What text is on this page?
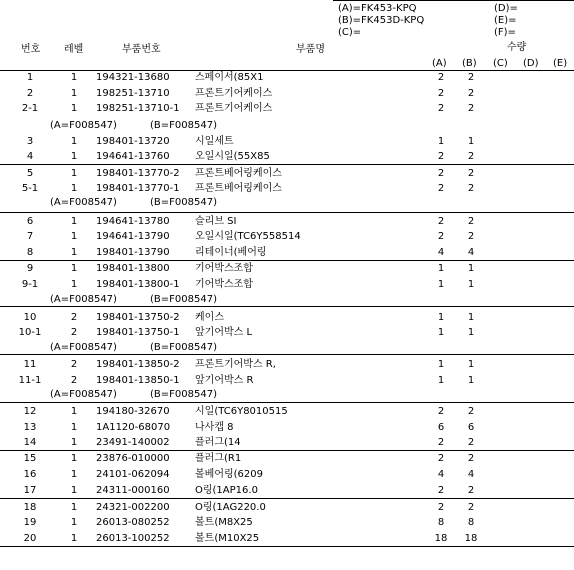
(A)=FK453-KPQ
(B)=FK453D-KPQ
(C)=
(D)=
(E)=
(F)=
번호 레벨	부품번호	부품명	수량
(A) (B) (C) (D) (E)
1	1	194321-13680	스페이서(85X1	2	2
2	1	198251-13710	프론트기어케이스	2	2
2-1	1	198251-13710-1 프론트기어케이스	2	2
(A=F008547)	(B=F008547)
3	1	198401-13720	시일세트	1	1
4	1	194641-13760	오일시일(55X85	2	2
5	1	198401-13770-2 프론트베어링케이스	2	2
5-1	1	198401-13770-1 프론트베어링케이스	2	2
(A=F008547)	(B=F008547)
6	1	194641-13780	슬리브 SI	2	2
7	1	194641-13790	오일시일(TC6Y558514	2	2
8	1	198401-13790	리테이너(베어링	4	4
9	1	198401-13800	기어박스조합	1	1
9-1	1	198401-13800-1 기어박스조합	1	1
(A=F008547)	(B=F008547)
10	2	198401-13750-2 케이스	1	1
10-1	2	198401-13750-1 앞기어박스 L	1	1
(A=F008547)	(B=F008547)
11	2	198401-13850-2 프론트기어박스 R,	1	1
11-1	2	198401-13850-1 앞기어박스 R	1	1
(A=F008547)	(B=F008547)
12	1	194180-32670	시일(TC6Y8010515	2	2
13	1	1A1120-68070 나사캡 8	6	6
14	1	23491-140002	플러그(14	2	2
15	1	23876-010000	플러그(R1	2	2
16	1	24101-062094	볼베어링(6209	4	4
17	1	24311-000160	O링(1AP16.0	2	2
18	1	24321-002200	O링(1AG220.0	2	2
19	1	26013-080252	볼트(M8X25	8	8
20	1	26013-100252	볼트(M10X25	18	18
